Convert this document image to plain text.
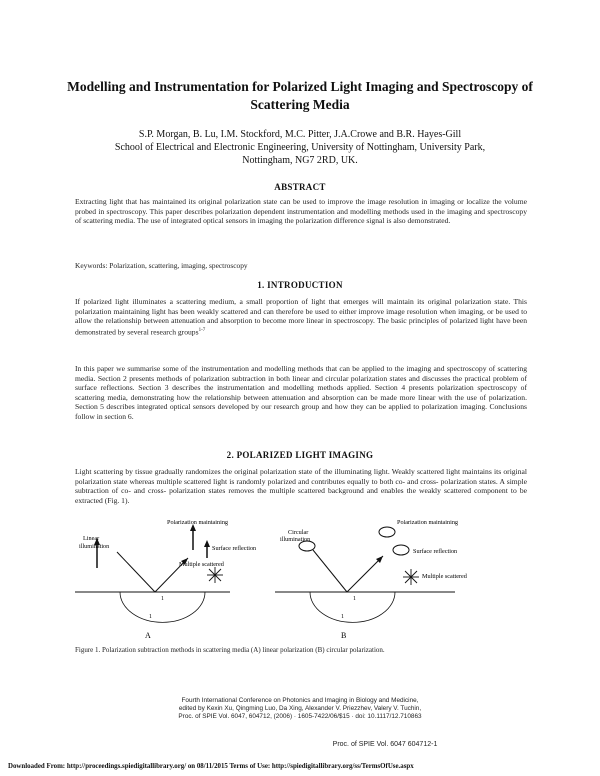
Modelling and Instrumentation for Polarized Light Imaging and Spectroscopy of Scattering Media
S.P. Morgan, B. Lu, I.M. Stockford, M.C. Pitter, J.A.Crowe and B.R. Hayes-Gill
School of Electrical and Electronic Engineering, University of Nottingham, University Park,
Nottingham, NG7 2RD, UK.
ABSTRACT
Extracting light that has maintained its original polarization state can be used to improve the image resolution in imaging or localize the volume probed in spectroscopy. This paper describes polarization dependent instrumentation and modelling methods used in the imaging and spectroscopy of scattering media. The use of integrated optical sensors in imaging the polarization difference signal is also demonstrated.
Keywords: Polarization, scattering, imaging, spectroscopy
1. INTRODUCTION
If polarized light illuminates a scattering medium, a small proportion of light that emerges will maintain its original polarization state. This polarization maintaining light has been weakly scattered and can therefore be used to either improve image resolution when imaging, or be used to allow the relationship between attenuation and absorption to become more linear in spectroscopy. The basic principles of polarized light have been demonstrated by several research groups$^{1-7}$
In this paper we summarise some of the instrumentation and modelling methods that can be applied to the imaging and spectroscopy of scattering media. Section 2 presents methods of polarization subtraction in both linear and circular polarization states and discusses the practical problem of surface reflections. Section 3 describes the instrumentation and modelling methods applied. Section 4 presents polarization spectroscopy of scattering media, demonstrating how the relationship between attenuation and absorption can be made more linear with the use of polarization. Section 5 describes integrated optical sensors developed by our research group and how they can be applied to polarization imaging. Conclusions follow in section 6.
2. POLARIZED LIGHT IMAGING
Light scattering by tissue gradually randomizes the original polarization state of the illuminating light. Weakly scattered light maintains its original polarization state whereas multiple scattered light is randomly polarized and contributes equally to both co- and cross- polarization states. A simple subtraction of co- and cross- polarization states removes the multiple scattered background and enables the weakly scattered component to be extracted (Fig. 1).
Linear
illumination
Polarization maintaining
Surface reflection
Multiple scattered
1
1
A
Circular
illumination
Polarization maintaining
Surface reflection
Multiple scattered
1
1
B
Figure 1. Polarization subtraction methods in scattering media (A) linear polarization (B) circular polarization.
Fourth International Conference on Photonics and Imaging in Biology and Medicine,
edited by Kexin Xu, Qingming Luo, Da Xing, Alexander V. Priezzhev, Valery V. Tuchin,
Proc. of SPIE Vol. 6047, 604712, (2006) · 1605-7422/06/$15 · doi: 10.1117/12.710863
Proc. of SPIE Vol. 6047 604712-1
Downloaded From: http://proceedings.spiedigitallibrary.org/ on 08/11/2015 Terms of Use: http://spiedigitallibrary.org/ss/TermsOfUse.aspx
